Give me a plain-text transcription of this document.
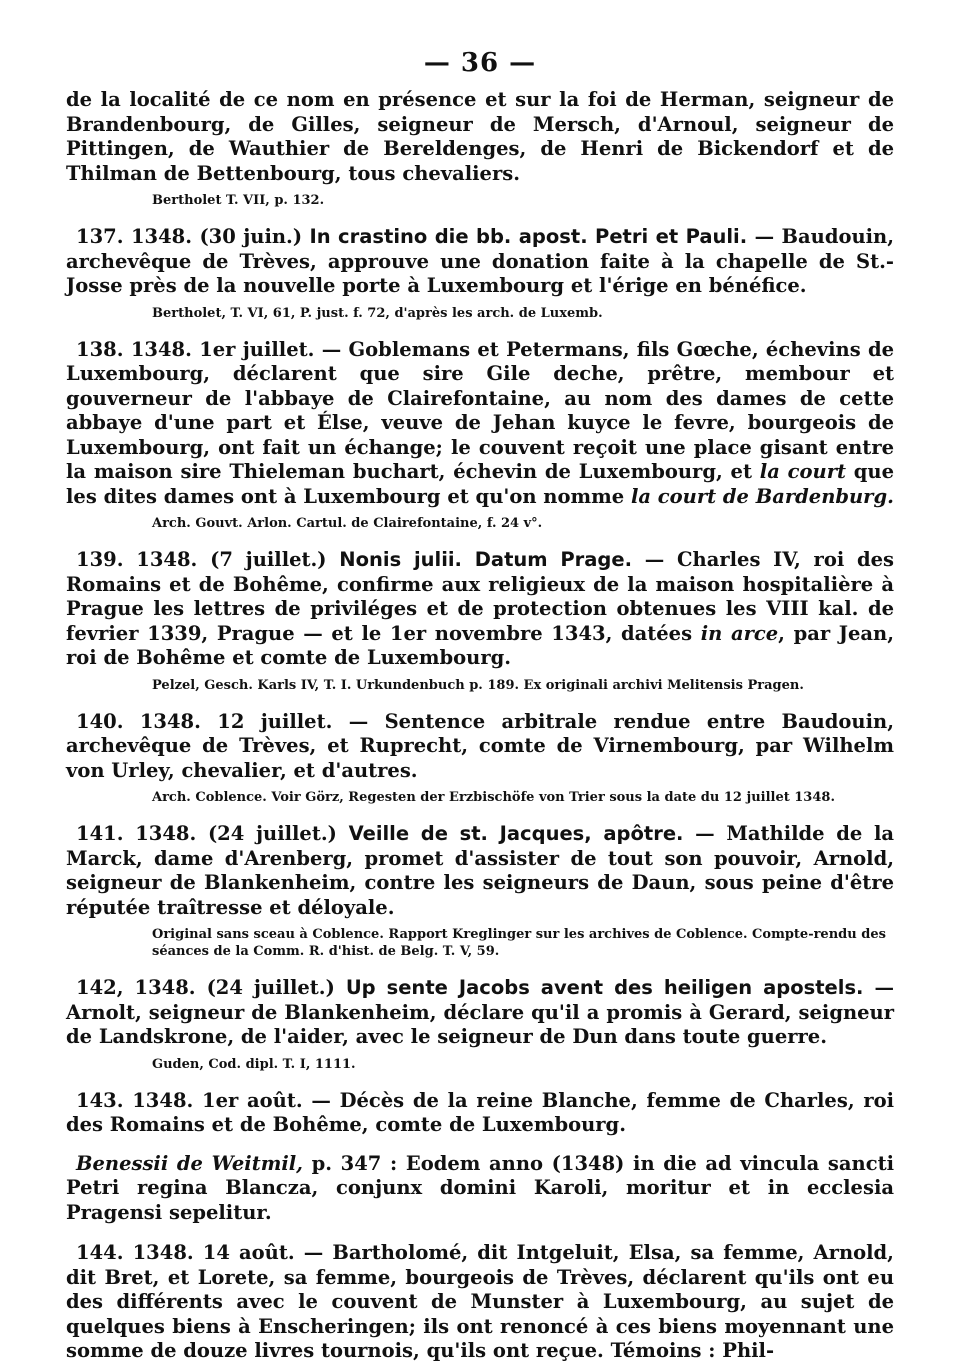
— 36 —

de la localité de ce nom en présence et sur la foi de Herman, seigneur de Brandenbourg, de Gilles, seigneur de Mersch, d'Arnoul, seigneur de Pittingen, de Wauthier de Bereldenges, de Henri de Bickendorf et de Thilman de Bettenbourg, tous chevaliers.

Bertholet T. VII, p. 132.

137. 1348. (30 juin.) In crastino die bb. apost. Petri et Pauli. — Baudouin, archevêque de Trèves, approuve une donation faite à la chapelle de St.-Josse près de la nouvelle porte à Luxembourg et l'érige en bénéfice.

Bertholet, T. VI, 61, P. just. f. 72, d'après les arch. de Luxemb.

138. 1348. 1er juillet. — Goblemans et Petermans, fils Gœche, échevins de Luxembourg, déclarent que sire Gile deche, prêtre, membour et gouverneur de l'abbaye de Clairefontaine, au nom des dames de cette abbaye d'une part et Élse, veuve de Jehan kuyce le fevre, bourgeois de Luxembourg, ont fait un échange; le couvent reçoit une place gisant entre la maison sire Thieleman buchart, échevin de Luxembourg, et la court que les dites dames ont à Luxembourg et qu'on nomme la court de Bardenburg.

Arch. Gouvt. Arlon. Cartul. de Clairefontaine, f. 24 v°.

139. 1348. (7 juillet.) Nonis julii. Datum Prage. — Charles IV, roi des Romains et de Bohême, confirme aux religieux de la maison hospitalière à Prague les lettres de priviléges et de protection obtenues les VIII kal. de fevrier 1339, Prague — et le 1er novembre 1343, datées in arce, par Jean, roi de Bohême et comte de Luxembourg.

Pelzel, Gesch. Karls IV, T. I. Urkundenbuch p. 189. Ex originali archivi Melitensis Pragen.

140. 1348. 12 juillet. — Sentence arbitrale rendue entre Baudouin, archevêque de Trèves, et Ruprecht, comte de Virnembourg, par Wilhelm von Urley, chevalier, et d'autres.

Arch. Coblence. Voir Görz, Regesten der Erzbischöfe von Trier sous la date du 12 juillet 1348.

141. 1348. (24 juillet.) Veille de st. Jacques, apôtre. — Mathilde de la Marck, dame d'Arenberg, promet d'assister de tout son pouvoir, Arnold, seigneur de Blankenheim, contre les seigneurs de Daun, sous peine d'être réputée traîtresse et déloyale.

Original sans sceau à Coblence. Rapport Kreglinger sur les archives de Coblence. Compte-rendu des séances de la Comm. R. d'hist. de Belg. T. V, 59.

142, 1348. (24 juillet.) Up sente Jacobs avent des heiligen apostels. — Arnolt, seigneur de Blankenheim, déclare qu'il a promis à Gerard, seigneur de Landskrone, de l'aider, avec le seigneur de Dun dans toute guerre.

Guden, Cod. dipl. T. I, 1111.

143. 1348. 1er août. — Décès de la reine Blanche, femme de Charles, roi des Romains et de Bohême, comte de Luxembourg.

Benessii de Weitmil, p. 347 : Eodem anno (1348) in die ad vincula sancti Petri regina Blancza, conjunx domini Karoli, moritur et in ecclesia Pragensi sepelitur.

144. 1348. 14 août. — Bartholomé, dit Intgeluit, Elsa, sa femme, Arnold, dit Bret, et Lorete, sa femme, bourgeois de Trèves, déclarent qu'ils ont eu des différents avec le couvent de Munster à Luxembourg, au sujet de quelques biens à Enscheringen; ils ont renoncé à ces biens moyennant une somme de douze livres tournois, qu'ils ont reçue. Témoins : Phil-
